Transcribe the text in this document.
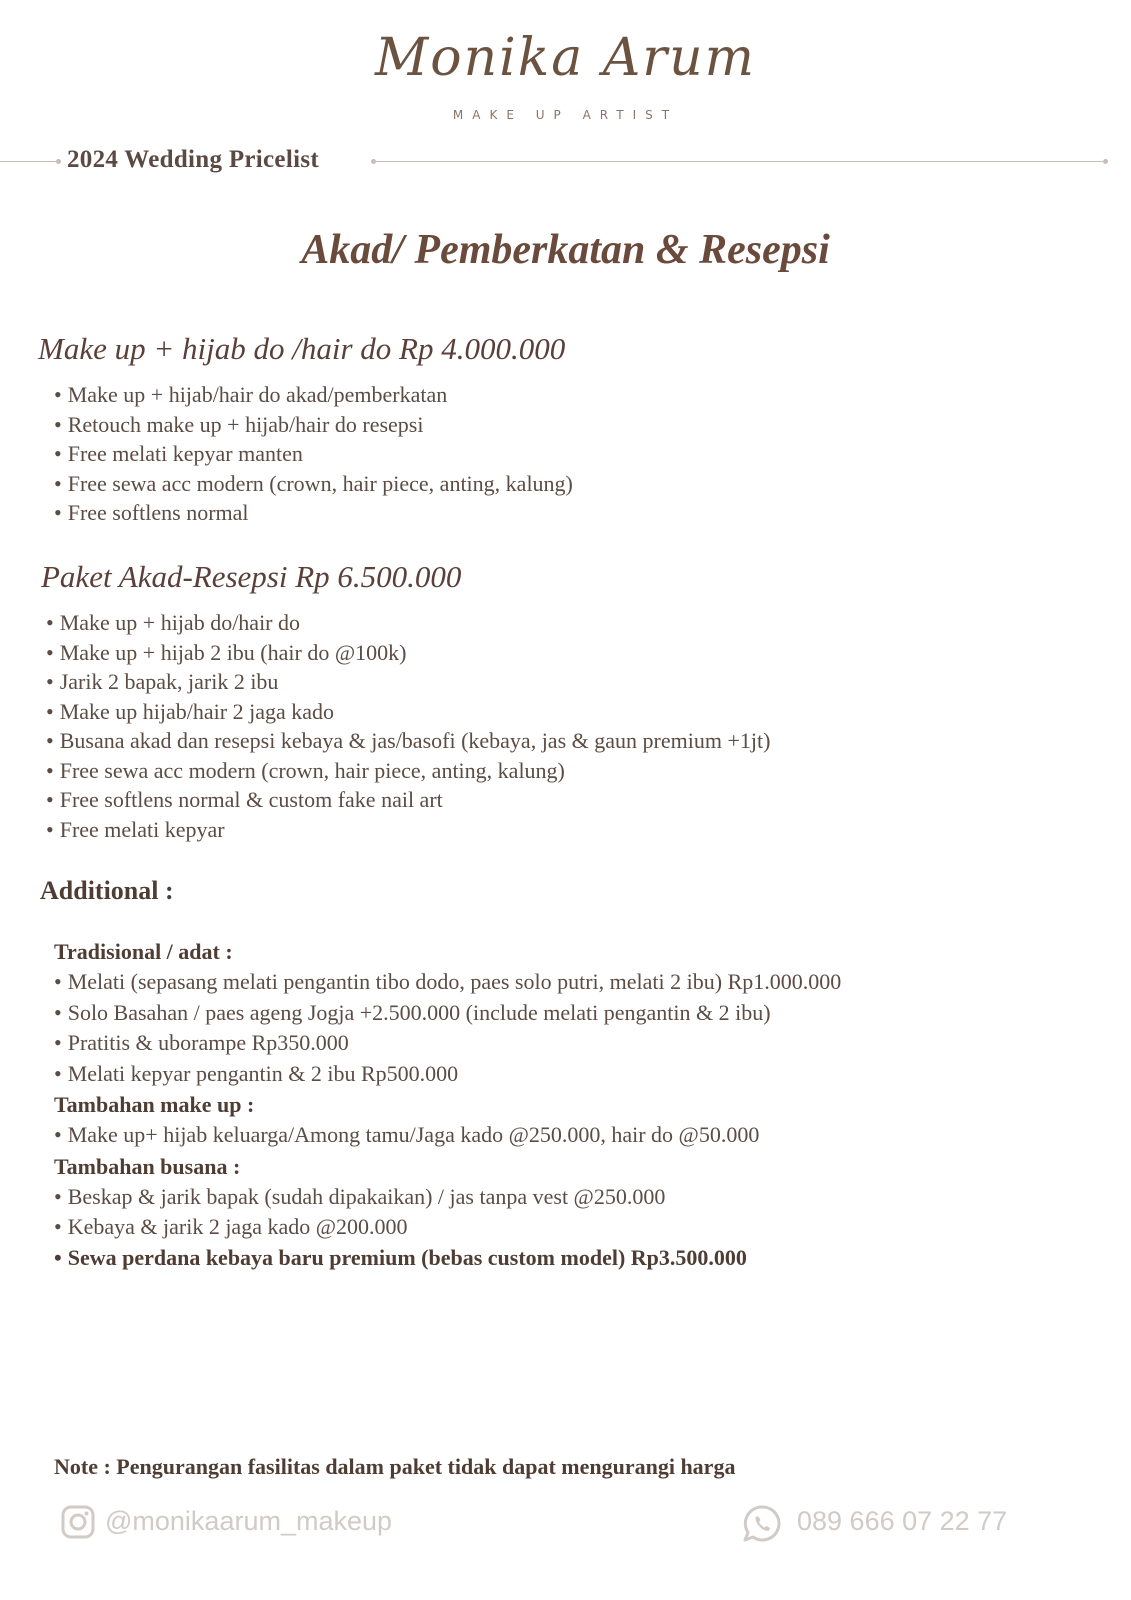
Monika Arum
MAKE UP ARTIST
2024 Wedding Pricelist
Akad/ Pemberkatan & Resepsi
Make up + hijab do /hair do Rp 4.000.000
• Make up + hijab/hair do akad/pemberkatan
• Retouch make up + hijab/hair do resepsi
• Free melati kepyar manten
• Free sewa acc modern (crown, hair piece, anting, kalung)
• Free softlens normal
Paket Akad-Resepsi Rp 6.500.000
• Make up + hijab do/hair do
• Make up + hijab 2 ibu (hair do @100k)
• Jarik 2 bapak, jarik 2 ibu
• Make up hijab/hair 2 jaga kado
• Busana akad dan resepsi kebaya & jas/basofi (kebaya, jas & gaun premium +1jt)
• Free sewa acc modern (crown, hair piece, anting, kalung)
• Free softlens normal & custom fake nail art
• Free melati kepyar
Additional :
Tradisional / adat :
• Melati (sepasang melati pengantin tibo dodo, paes solo putri, melati 2 ibu) Rp1.000.000
• Solo Basahan / paes ageng Jogja +2.500.000 (include melati pengantin & 2 ibu)
• Pratitis & uborampe Rp350.000
• Melati kepyar pengantin & 2 ibu Rp500.000
Tambahan make up :
• Make up+ hijab keluarga/Among tamu/Jaga kado @250.000, hair do @50.000
Tambahan busana :
• Beskap & jarik bapak (sudah dipakaikan) / jas tanpa vest @250.000
• Kebaya & jarik 2 jaga kado @200.000
• Sewa perdana kebaya baru premium (bebas custom model) Rp3.500.000
Note : Pengurangan fasilitas dalam paket tidak dapat mengurangi harga
@monikaarum_makeup	089 666 07 22 77
